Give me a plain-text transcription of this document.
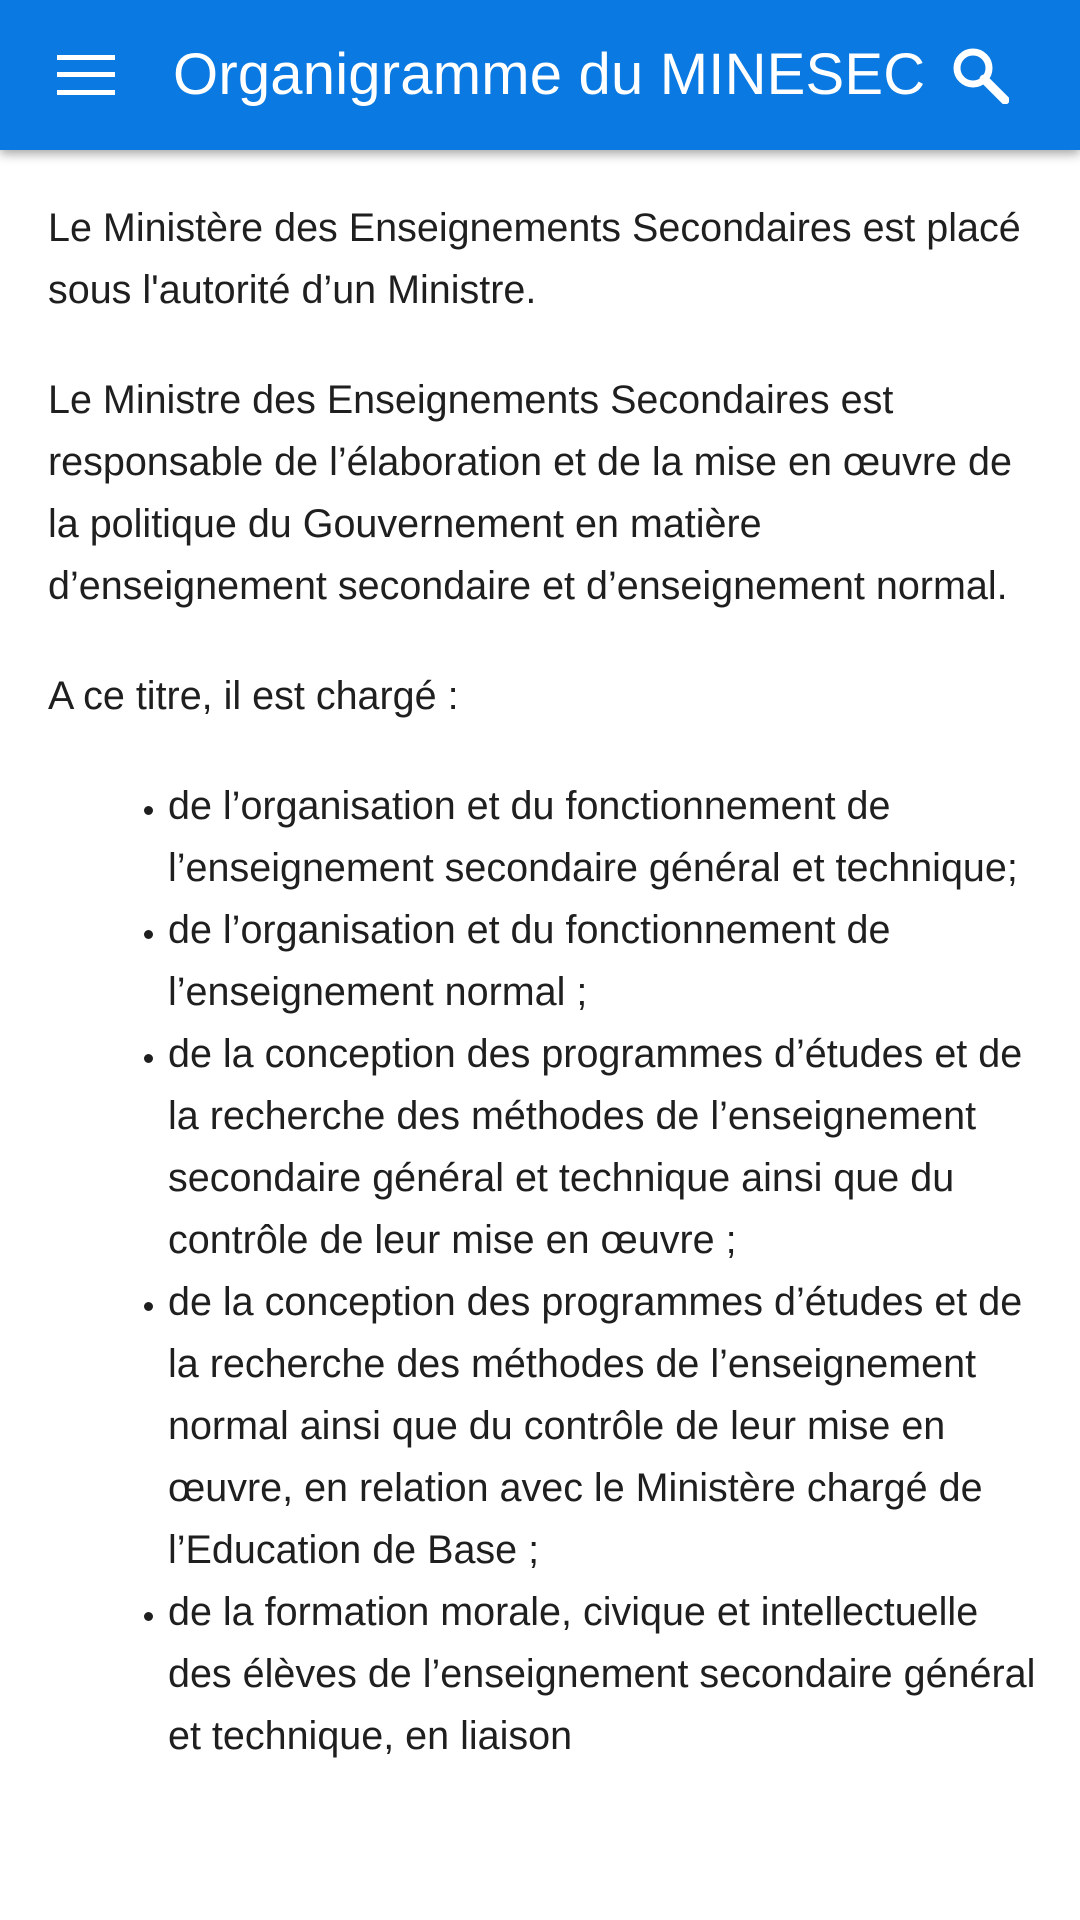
Organigramme du MINESEC

Le Ministère des Enseignements Secondaires est placé sous l'autorité d’un Ministre.

Le Ministre des Enseignements Secondaires est responsable de l’élaboration et de la mise en œuvre de la politique du Gouvernement en matière d’enseignement secondaire et d’enseignement normal.

A ce titre, il est chargé :

• de l’organisation et du fonctionnement de l’enseignement secondaire général et technique;
• de l’organisation et du fonctionnement de l’enseignement normal ;
• de la conception des programmes d’études et de la recherche des méthodes de l’enseignement secondaire général et technique ainsi que du contrôle de leur mise en œuvre ;
• de la conception des programmes d’études et de la recherche des méthodes de l’enseignement normal ainsi que du contrôle de leur mise en œuvre, en relation avec le Ministère chargé de l’Education de Base ;
• de la formation morale, civique et intellectuelle des élèves de l’enseignement secondaire général et technique, en liaison
